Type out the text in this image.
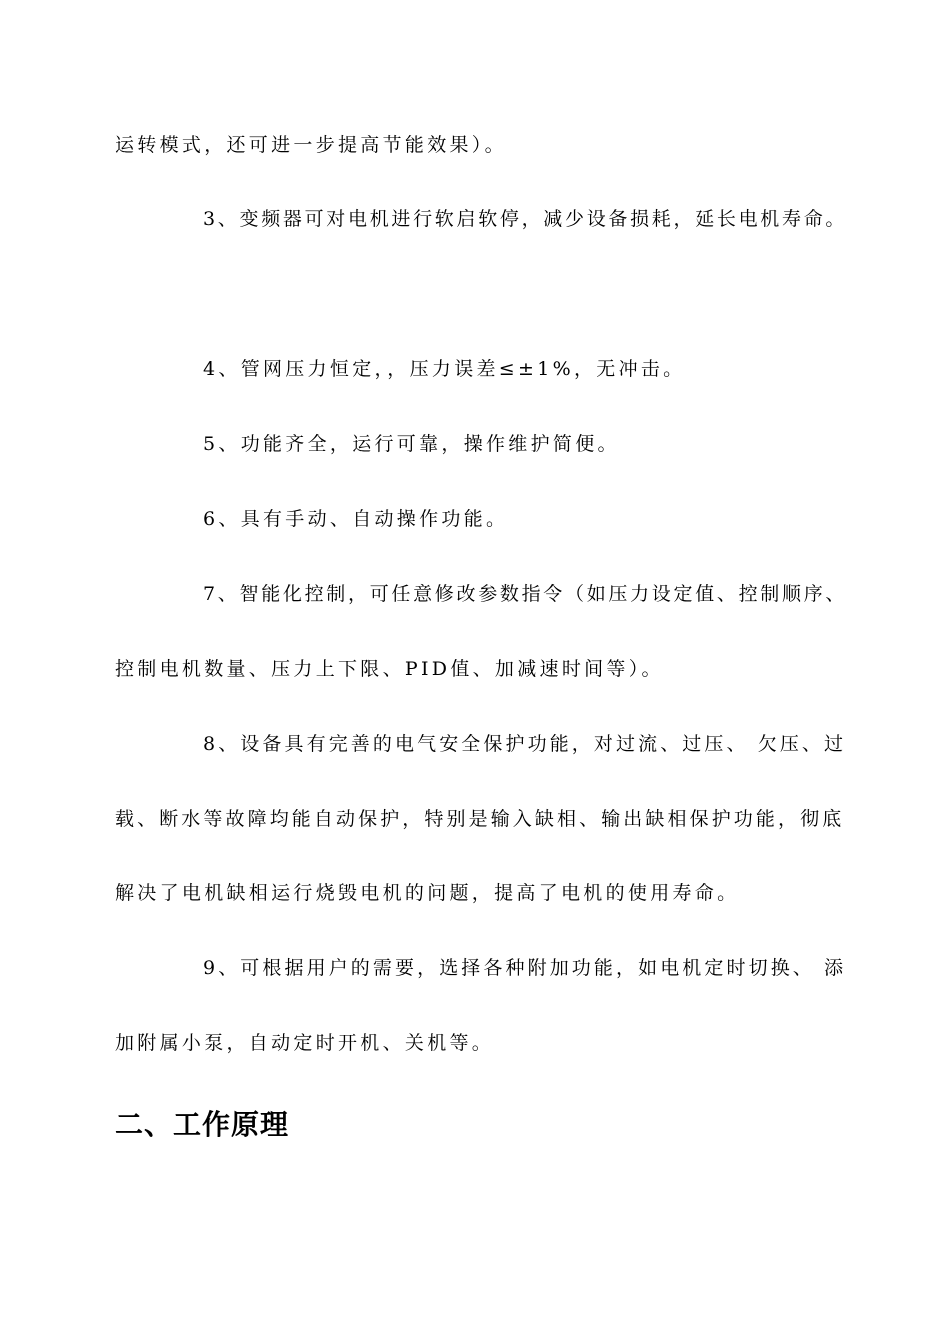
运转模式，还可进一步提高节能效果）。
3、变频器可对电机进行软启软停，减少设备损耗，延长电机寿命。
4、管网压力恒定，，压力误差≤±1%，无冲击。
5、功能齐全，运行可靠，操作维护简便。
6、具有手动、自动操作功能。
7、智能化控制，可任意修改参数指令（如压力设定值、控制顺序、
控制电机数量、压力上下限、PID值、加减速时间等）。
8、设备具有完善的电气安全保护功能，对过流、过压、 欠压、过
载、断水等故障均能自动保护，特别是输入缺相、输出缺相保护功能，彻底
解决了电机缺相运行烧毁电机的问题，提高了电机的使用寿命。
9、可根据用户的需要，选择各种附加功能，如电机定时切换、 添
加附属小泵，自动定时开机、关机等。
二、工作原理
